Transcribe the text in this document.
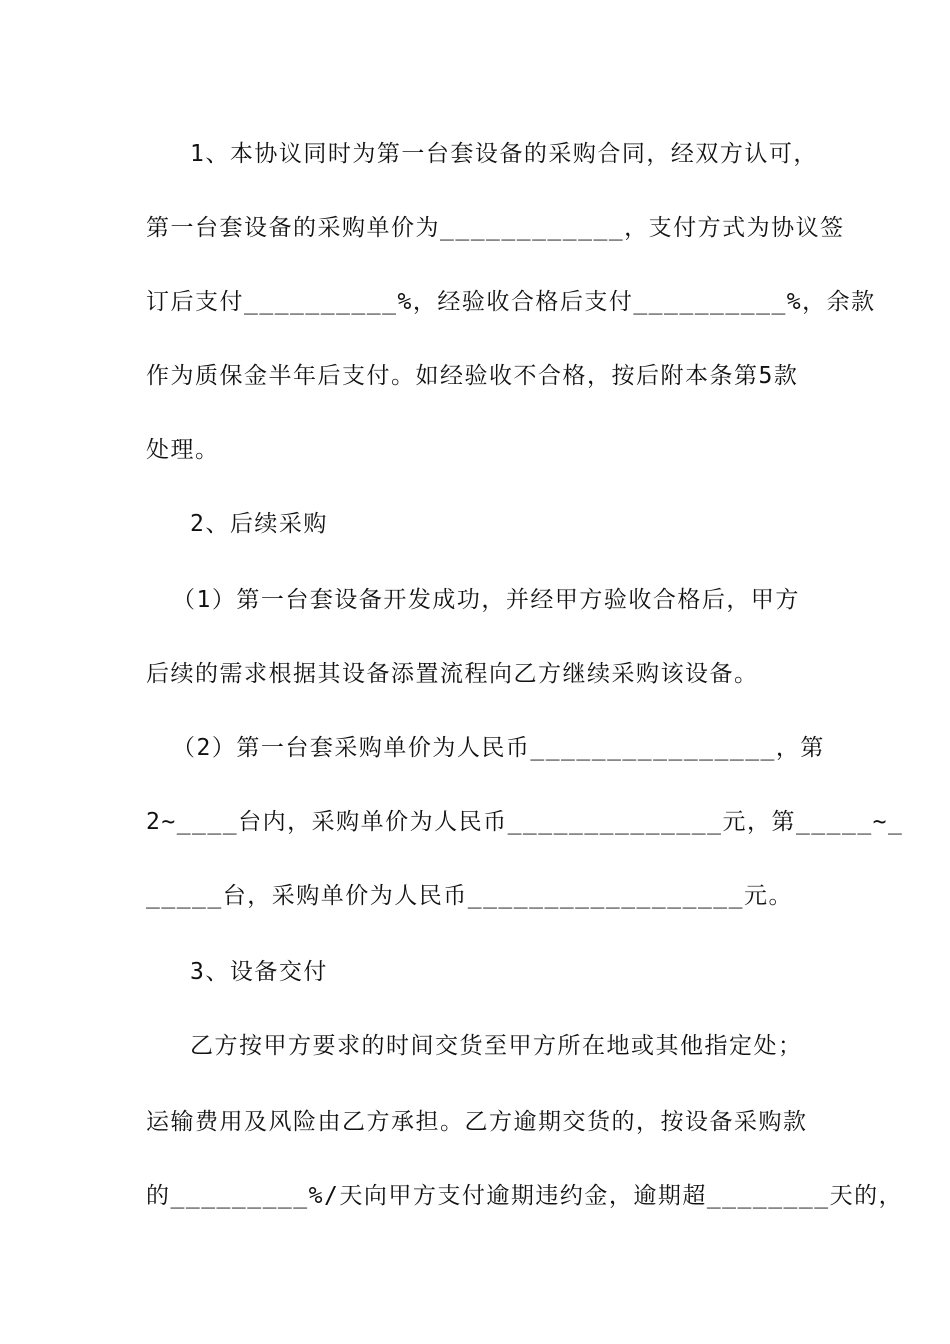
1、本协议同时为第一台套设备的采购合同，经双方认可，
第一台套设备的采购单价为____________，支付方式为协议签
订后支付__________%，经验收合格后支付__________%，余款
作为质保金半年后支付。如经验收不合格，按后附本条第5款
处理。
2、后续采购
（1）第一台套设备开发成功，并经甲方验收合格后，甲方
后续的需求根据其设备添置流程向乙方继续采购该设备。
（2）第一台套采购单价为人民币________________，第
2~____台内，采购单价为人民币______________元，第_____~_
_____台，采购单价为人民币__________________元。
3、设备交付
乙方按甲方要求的时间交货至甲方所在地或其他指定处；
运输费用及风险由乙方承担。乙方逾期交货的，按设备采购款
的_________%/天向甲方支付逾期违约金，逾期超________天的，
